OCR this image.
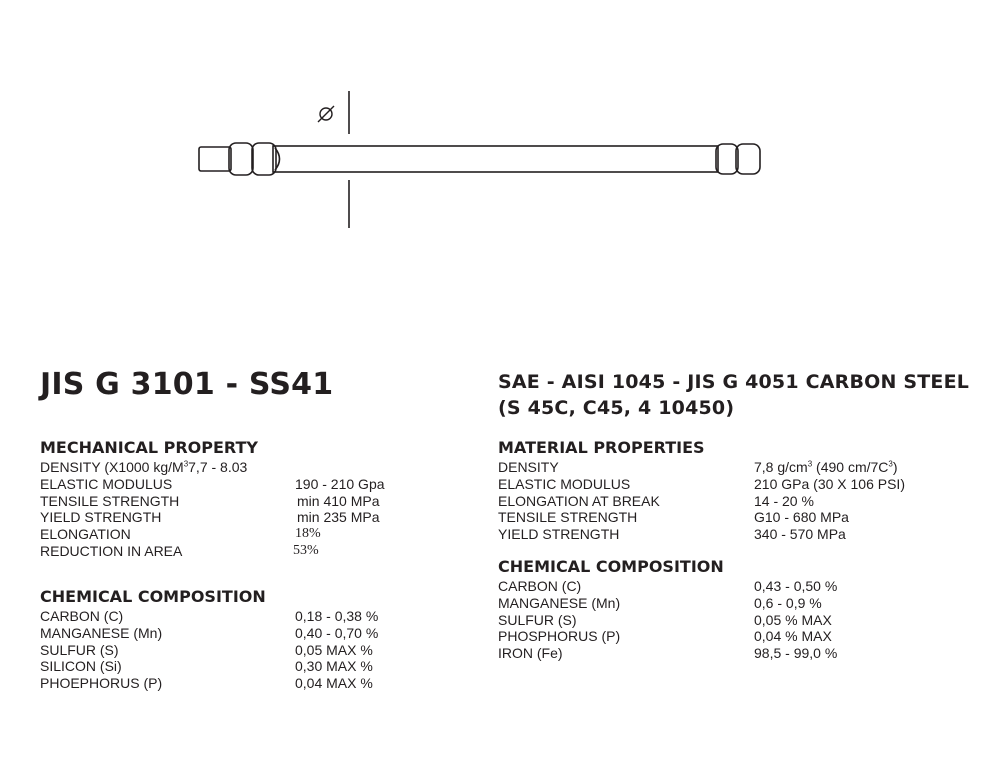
JIS G 3101 - SS41
MECHANICAL PROPERTY
DENSITY (X1000 $kg/M^37,7 - 8.03$
ELASTIC MODULUS	190 - 210 Gpa
TENSILE STRENGTH	min 410 MPa
YIELD STRENGTH	min 235 MPa
ELONGATION	18%
REDUCTION IN AREA	53%
CHEMICAL COMPOSITION
CARBON (C)	0,18 - 0,38 %
MANGANESE (Mn)	0,40 - 0,70 %
SULFUR (S)	0,05 MAX %
SILICON (Si)	0,30 MAX %
PHOEPHORUS (P)	0,04 MAX %
SAE - AISI 1045 - JIS G 4051 CARBON STEEL
(S 45C, C45, 4 10450)
MATERIAL PROPERTIES
DENSITY	7,8 $g/cm^3$ (490 $cm/7C^3$)
ELASTIC MODULUS	210 GPa (30 X 106 PSI)
ELONGATION AT BREAK	14 - 20 %
TENSILE STRENGTH	G10 - 680 MPa
YIELD STRENGTH	340 - 570 MPa
CHEMICAL COMPOSITION
CARBON (C)	0,43 - 0,50 %
MANGANESE (Mn)	0,6 - 0,9 %
SULFUR (S)	0,05 % MAX
PHOSPHORUS (P)	0,04 % MAX
IRON (Fe)	98,5 - 99,0 %
